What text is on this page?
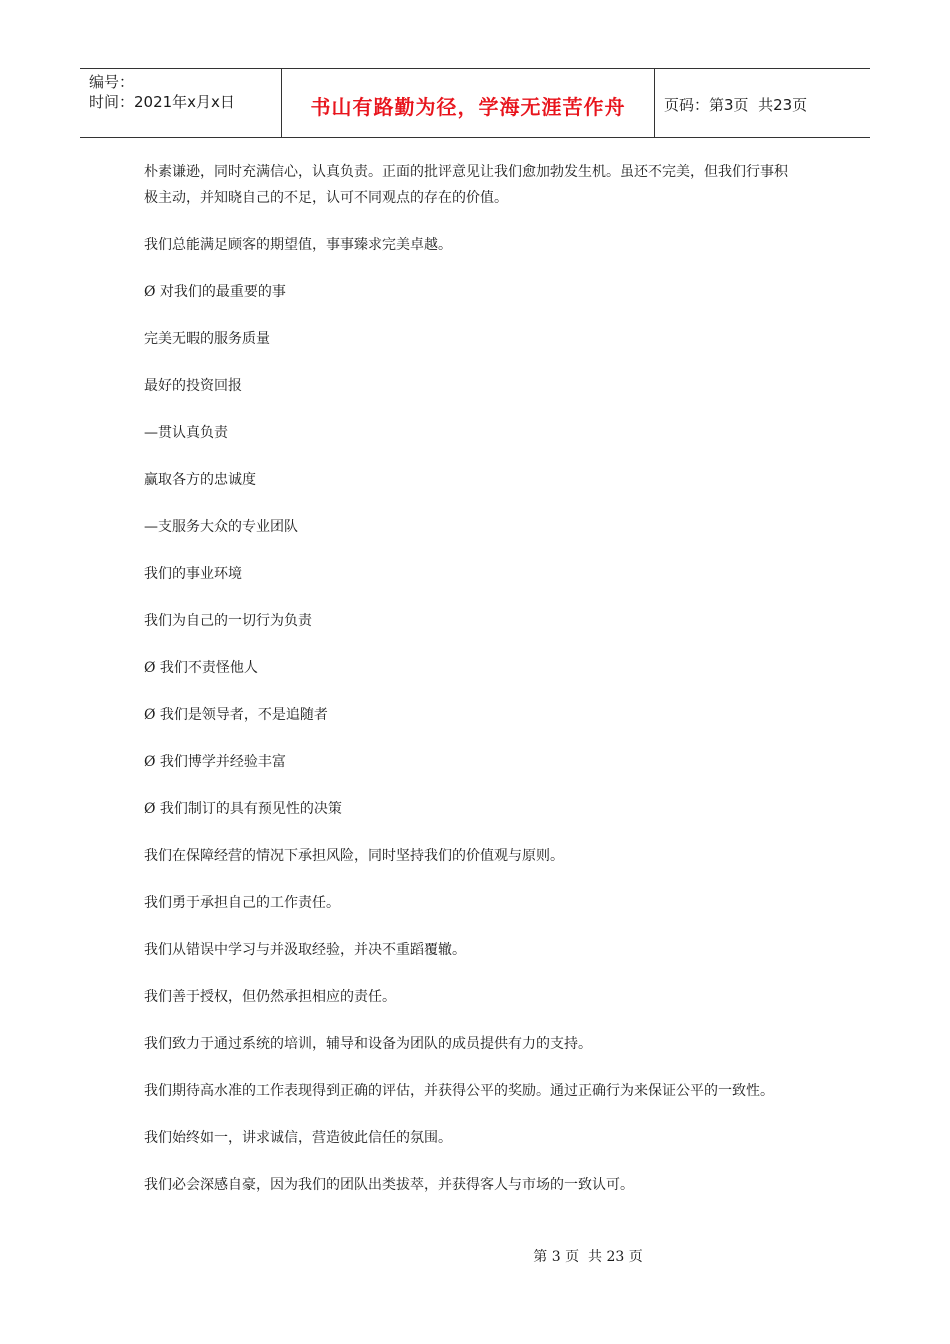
编号：
时间：2021年x月x日	书山有路勤为径，学海无涯苦作舟	页码：第3页  共23页

朴素谦逊，同时充满信心，认真负责。正面的批评意见让我们愈加勃发生机。虽还不完美，但我们行事积

极主动，并知晓自己的不足，认可不同观点的存在的价值。

我们总能满足顾客的期望值，事事臻求完美卓越。

Ø 对我们的最重要的事

完美无暇的服务质量

最好的投资回报

—贯认真负责

赢取各方的忠诚度

—支服务大众的专业团队

我们的事业环境

我们为自己的一切行为负责

Ø 我们不责怪他人

Ø 我们是领导者，不是追随者

Ø 我们博学并经验丰富

Ø 我们制订的具有预见性的决策

我们在保障经营的情况下承担风险，同时坚持我们的价值观与原则。

我们勇于承担自己的工作责任。

我们从错误中学习与并汲取经验，并决不重蹈覆辙。

我们善于授权，但仍然承担相应的责任。

我们致力于通过系统的培训，辅导和设备为团队的成员提供有力的支持。

我们期待高水准的工作表现得到正确的评估，并获得公平的奖励。通过正确行为来保证公平的一致性。

我们始终如一，讲求诚信，营造彼此信任的氛围。

我们必会深感自豪，因为我们的团队出类拔萃，并获得客人与市场的一致认可。

第 3 页  共 23 页
